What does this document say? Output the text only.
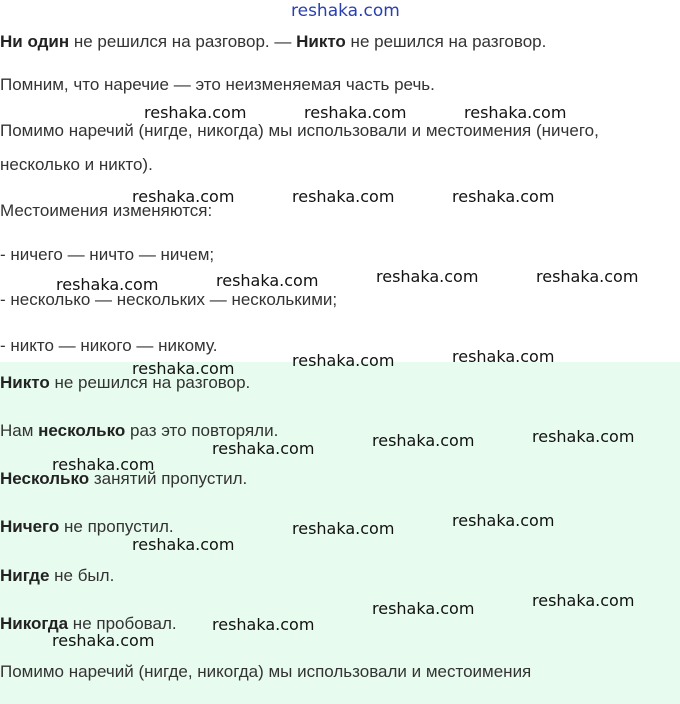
reshaka.com
Ни один не решился на разговор. — Никто не решился на разговор.
Помним, что наречие — это неизменяемая часть речь.
Помимо наречий (нигде, никогда) мы использовали и местоимения (ничего,
несколько и никто).
Местоимения изменяются:
- ничего — ничто — ничем;
- несколько — нескольких — несколькими;
- никто — никого — никому.
Никто не решился на разговор.
Нам несколько раз это повторяли.
Несколько занятий пропустил.
Ничего не пропустил.
Нигде не был.
Никогда не пробовал.
Помимо наречий (нигде, никогда) мы использовали и местоимения
reshaka.com	reshaka.com	reshaka.com
reshaka.com	reshaka.com	reshaka.com
reshaka.com	reshaka.com	reshaka.com	reshaka.com
reshaka.com	reshaka.com	reshaka.com
reshaka.com	reshaka.com	reshaka.com
reshaka.com
reshaka.com
reshaka.com	reshaka.com
reshaka.com
reshaka.com	reshaka.com
reshaka.com
